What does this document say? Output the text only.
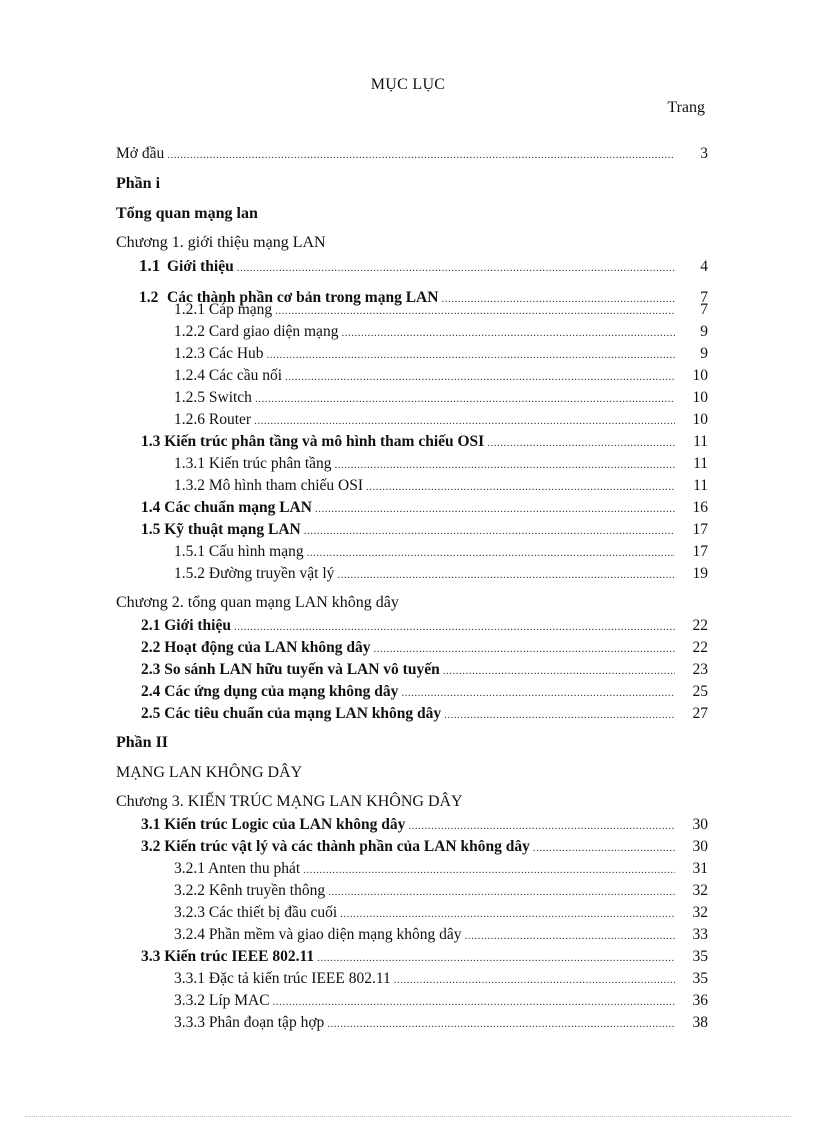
MỤC LỤC
Trang
Mở đầu .....	3
Phần i
Tổng quan mạng lan
Chương 1. giới thiệu mạng LAN
1.1 Giới thiệu .....	4
1.2 Các thành phần cơ bản trong mạng LAN .....	7
1.2.1 Cáp mạng .....	7
1.2.2 Card giao diện mạng .....	9
1.2.3 Các Hub .....	9
1.2.4 Các cầu nối .....	10
1.2.5 Switch .....	10
1.2.6 Router .....	10
1.3 Kiến trúc phân tầng và mô hình tham chiếu OSI .....	11
1.3.1 Kiến trúc phân tầng .....	11
1.3.2 Mô hình tham chiếu OSI .....	11
1.4 Các chuẩn mạng LAN .....	16
1.5 Kỹ thuật mạng LAN .....	17
1.5.1 Cấu hình mạng .....	17
1.5.2 Đường truyền vật lý .....	19
Chương 2. tổng quan mạng LAN không dây
2.1 Giới thiệu .....	22
2.2 Hoạt động của LAN không dây .....	22
2.3 So sánh LAN hữu tuyến và LAN vô tuyến .....	23
2.4 Các ứng dụng của mạng không dây .....	25
2.5 Các tiêu chuẩn của mạng LAN không dây .....	27
Phần II
MẠNG LAN KHÔNG DÂY
Chương 3. KIẾN TRÚC MẠNG LAN KHÔNG DÂY
3.1 Kiến trúc Logic của LAN không dây .....	30
3.2 Kiến trúc vật lý và các thành phần của LAN không dây .....	30
3.2.1 Anten thu phát .....	31
3.2.2 Kênh truyền thông .....	32
3.2.3 Các thiết bị đầu cuối .....	32
3.2.4 Phần mềm và giao diện mạng không dây .....	33
3.3 Kiến trúc IEEE 802.11 .....	35
3.3.1 Đặc tả kiến trúc IEEE 802.11 .....	35
3.3.2 Líp MAC .....	36
3.3.3 Phân đoạn tập hợp .....	38
